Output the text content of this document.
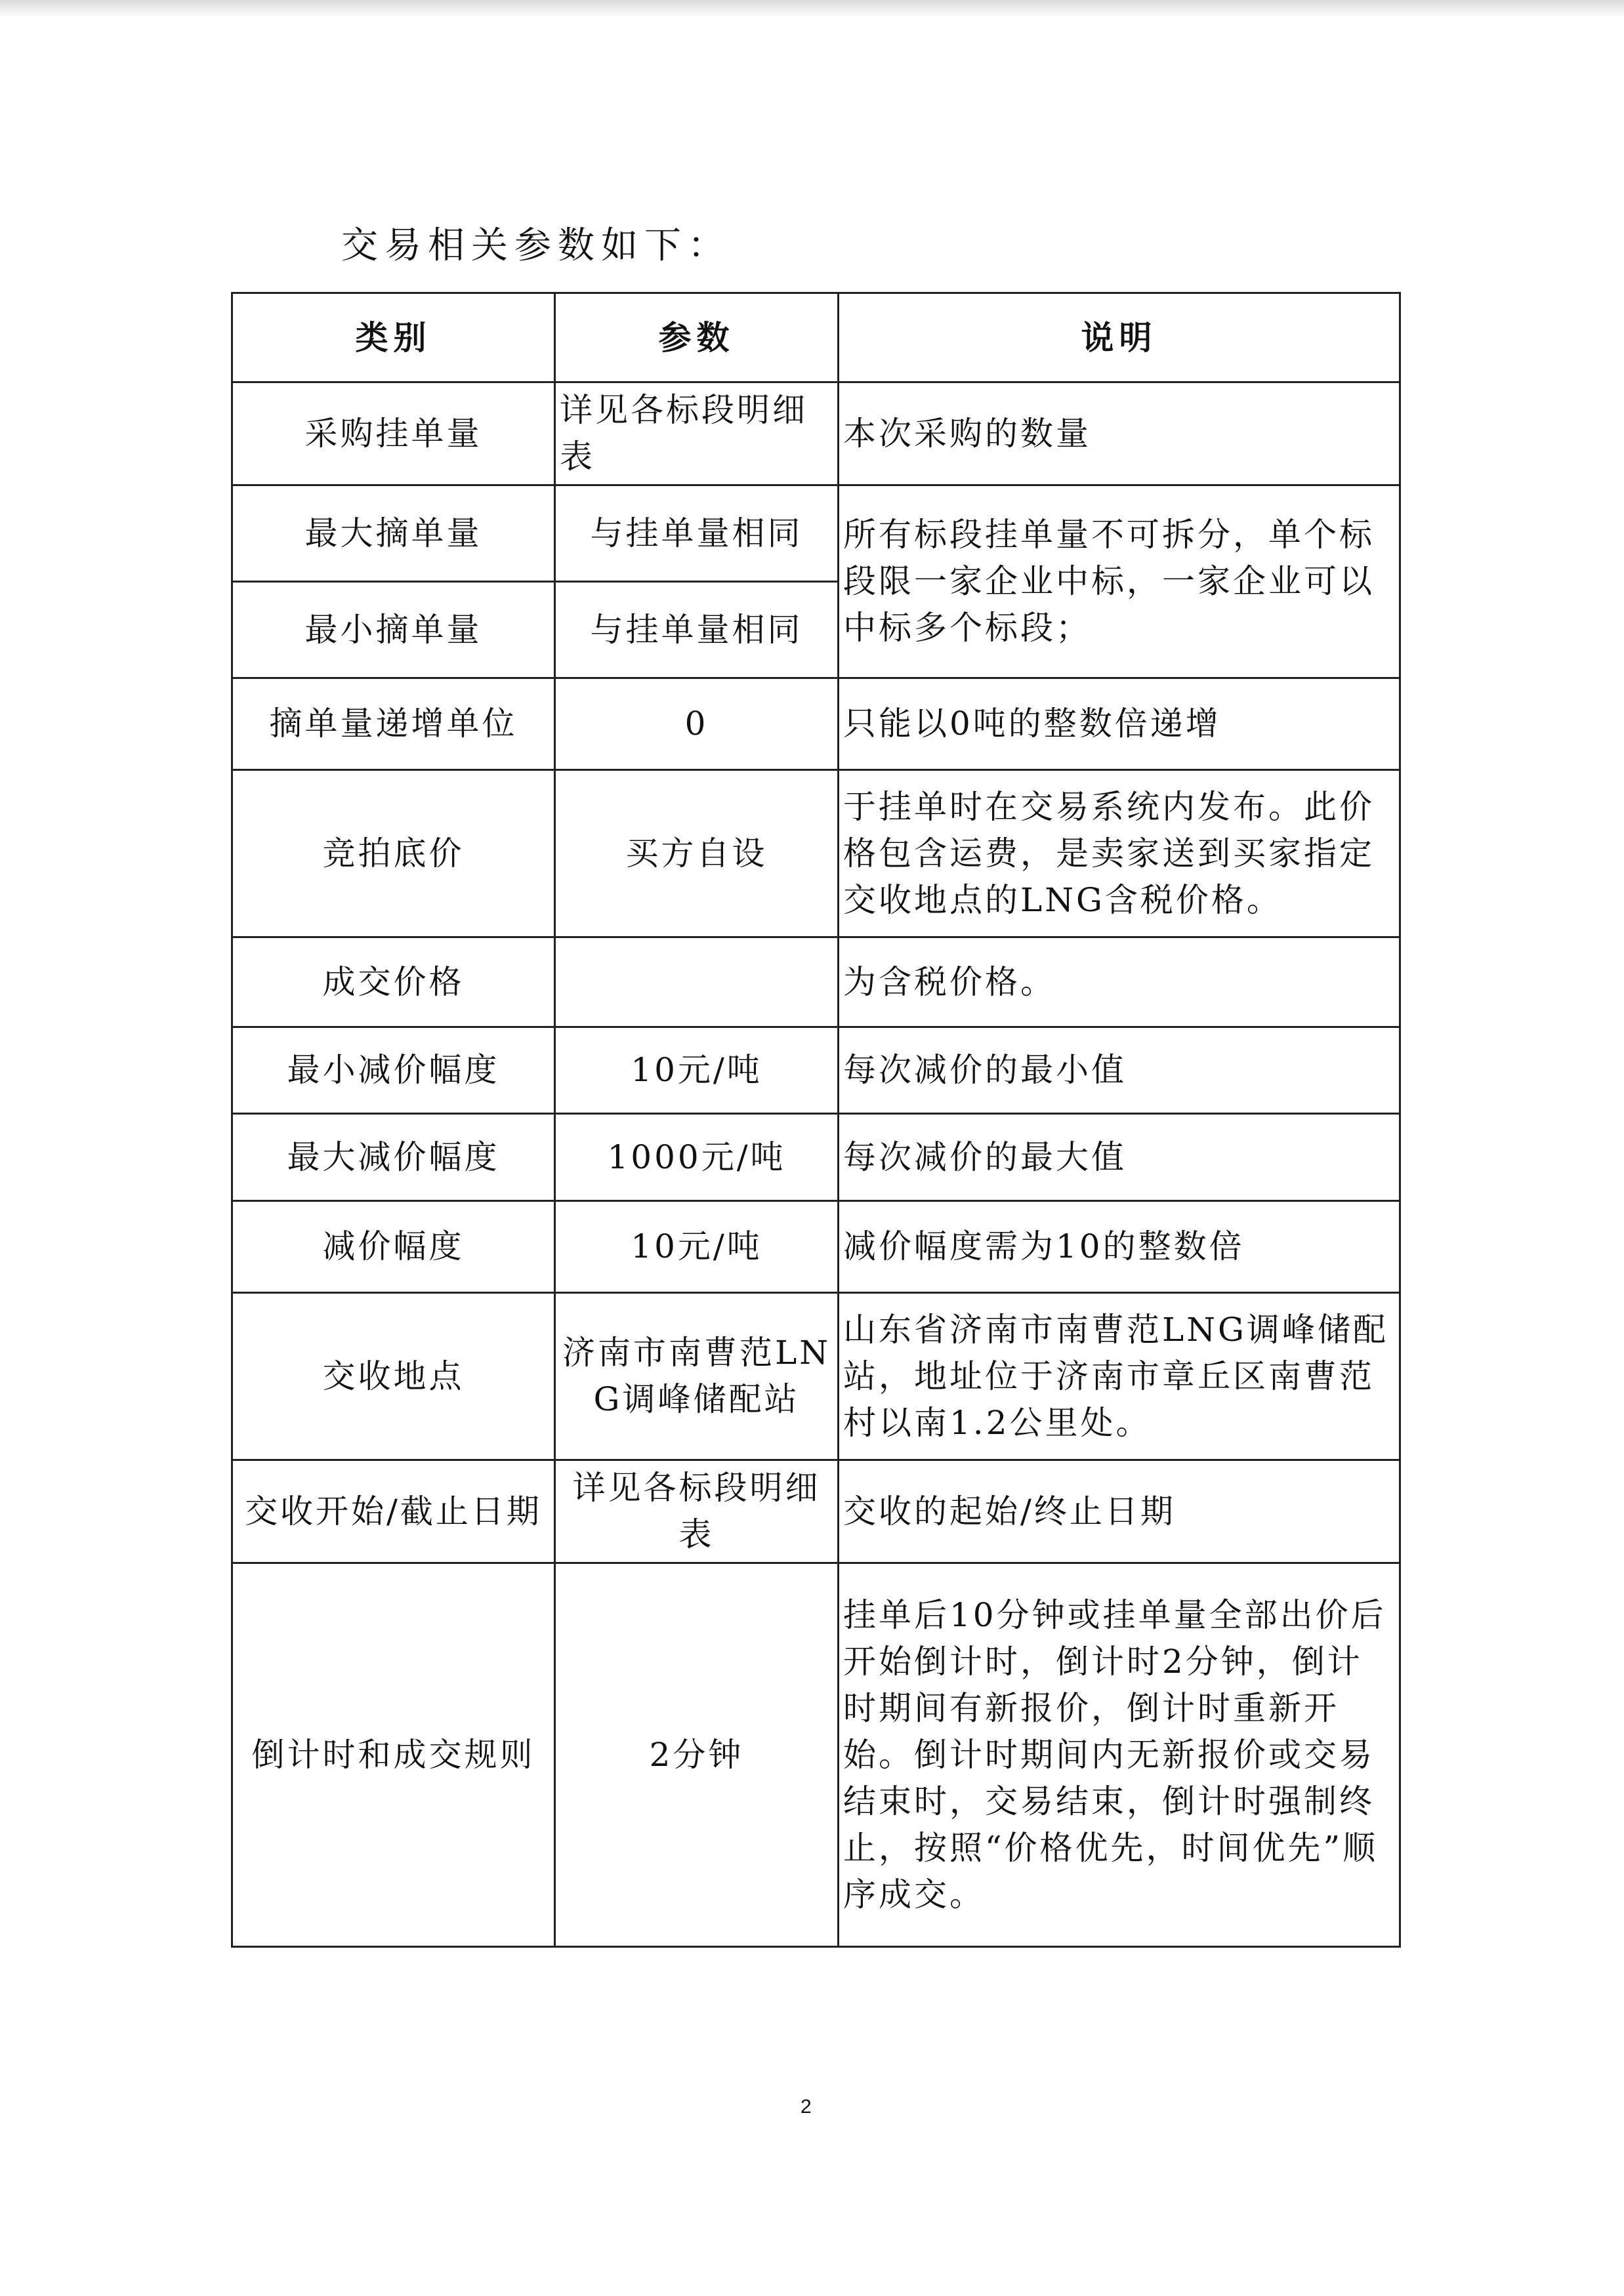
交易相关参数如下：

类别	参数	说明
采购挂单量	详见各标段明细表	本次采购的数量
最大摘单量	与挂单量相同	所有标段挂单量不可拆分，单个标段限一家企业中标，一家企业可以中标多个标段；
最小摘单量	与挂单量相同	
摘单量递增单位	0	只能以0吨的整数倍递增
竞拍底价	买方自设	于挂单时在交易系统内发布。此价格包含运费，是卖家送到买家指定交收地点的LNG含税价格。
成交价格		为含税价格。
最小减价幅度	10元/吨	每次减价的最小值
最大减价幅度	1000元/吨	每次减价的最大值
减价幅度	10元/吨	减价幅度需为10的整数倍
交收地点	济南市南曹范LNG调峰储配站	山东省济南市南曹范LNG调峰储配站，地址位于济南市章丘区南曹范村以南1.2公里处。
交收开始/截止日期	详见各标段明细表	交收的起始/终止日期
倒计时和成交规则	2分钟	挂单后10分钟或挂单量全部出价后开始倒计时，倒计时2分钟，倒计时期间有新报价，倒计时重新开始。倒计时期间内无新报价或交易结束时，交易结束，倒计时强制终止，按照“价格优先，时间优先”顺序成交。
2
